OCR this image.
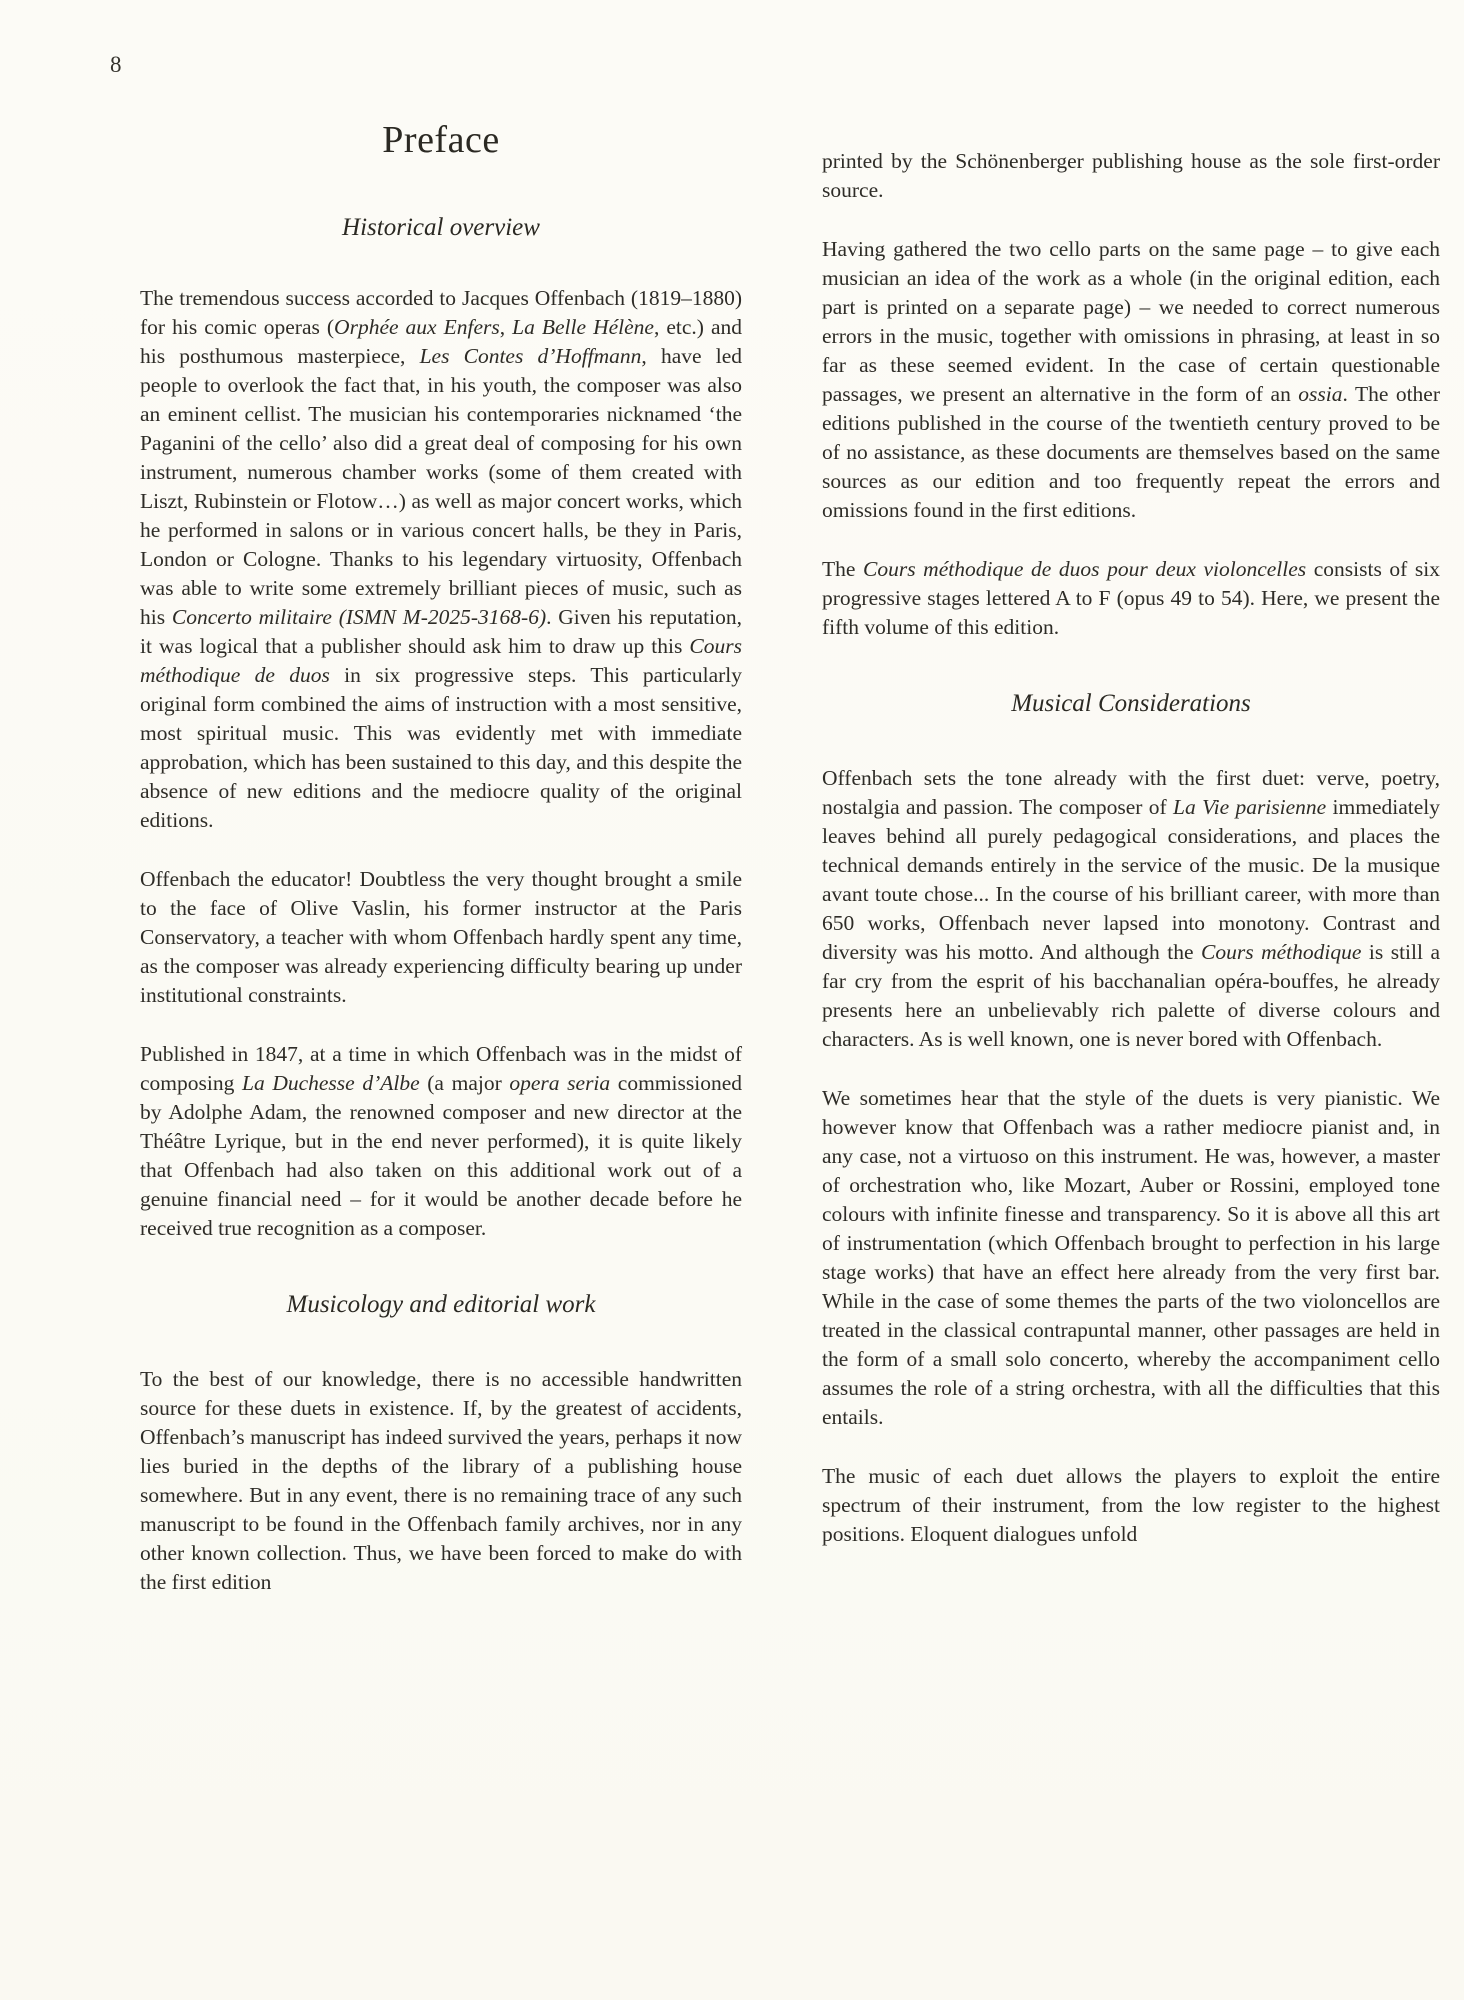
8
Preface
Historical overview

The tremendous success accorded to Jacques Offenbach (1819–1880) for his comic operas (Orphée aux Enfers, La Belle Hélène, etc.) and his posthumous masterpiece, Les Contes d’Hoffmann, have led people to overlook the fact that, in his youth, the composer was also an eminent cellist. The musician his contemporaries nicknamed ‘the Paganini of the cello’ also did a great deal of composing for his own instrument, numerous chamber works (some of them created with Liszt, Rubinstein or Flotow…) as well as major concert works, which he performed in salons or in various concert halls, be they in Paris, London or Cologne. Thanks to his legendary virtuosity, Offenbach was able to write some extremely brilliant pieces of music, such as his Concerto militaire (ISMN M-2025-3168-6). Given his reputation, it was logical that a publisher should ask him to draw up this Cours méthodique de duos in six progressive steps. This particularly original form combined the aims of instruction with a most sensitive, most spiritual music. This was evidently met with immediate approbation, which has been sustained to this day, and this despite the absence of new editions and the mediocre quality of the original editions.

Offenbach the educator! Doubtless the very thought brought a smile to the face of Olive Vaslin, his former instructor at the Paris Conservatory, a teacher with whom Offenbach hardly spent any time, as the composer was already experiencing difficulty bearing up under institutional constraints.

Published in 1847, at a time in which Offenbach was in the midst of composing La Duchesse d’Albe (a major opera seria commissioned by Adolphe Adam, the renowned composer and new director at the Théâtre Lyrique, but in the end never performed), it is quite likely that Offenbach had also taken on this additional work out of a genuine financial need – for it would be another decade before he received true recognition as a composer.

Musicology and editorial work

To the best of our knowledge, there is no accessible handwritten source for these duets in existence. If, by the greatest of accidents, Offenbach’s manuscript has indeed survived the years, perhaps it now lies buried in the depths of the library of a publishing house somewhere. But in any event, there is no remaining trace of any such manuscript to be found in the Offenbach family archives, nor in any other known collection. Thus, we have been forced to make do with the first edition

printed by the Schönenberger publishing house as the sole first-order source.

Having gathered the two cello parts on the same page – to give each musician an idea of the work as a whole (in the original edition, each part is printed on a separate page) – we needed to correct numerous errors in the music, together with omissions in phrasing, at least in so far as these seemed evident. In the case of certain questionable passages, we present an alternative in the form of an ossia. The other editions published in the course of the twentieth century proved to be of no assistance, as these documents are themselves based on the same sources as our edition and too frequently repeat the errors and omissions found in the first editions.

The Cours méthodique de duos pour deux violoncelles consists of six progressive stages lettered A to F (opus 49 to 54). Here, we present the fifth volume of this edition.

Musical Considerations

Offenbach sets the tone already with the first duet: verve, poetry, nostalgia and passion. The composer of La Vie parisienne immediately leaves behind all purely pedagogical considerations, and places the technical demands entirely in the service of the music. De la musique avant toute chose... In the course of his brilliant career, with more than 650 works, Offenbach never lapsed into monotony. Contrast and diversity was his motto. And although the Cours méthodique is still a far cry from the esprit of his bacchanalian opéra-bouffes, he already presents here an unbelievably rich palette of diverse colours and characters. As is well known, one is never bored with Offenbach.

We sometimes hear that the style of the duets is very pianistic. We however know that Offenbach was a rather mediocre pianist and, in any case, not a virtuoso on this instrument. He was, however, a master of orchestration who, like Mozart, Auber or Rossini, employed tone colours with infinite finesse and transparency. So it is above all this art of instrumentation (which Offenbach brought to perfection in his large stage works) that have an effect here already from the very first bar. While in the case of some themes the parts of the two violoncellos are treated in the classical contrapuntal manner, other passages are held in the form of a small solo concerto, whereby the accompaniment cello assumes the role of a string orchestra, with all the difficulties that this entails.

The music of each duet allows the players to exploit the entire spectrum of their instrument, from the low register to the highest positions. Eloquent dialogues unfold
